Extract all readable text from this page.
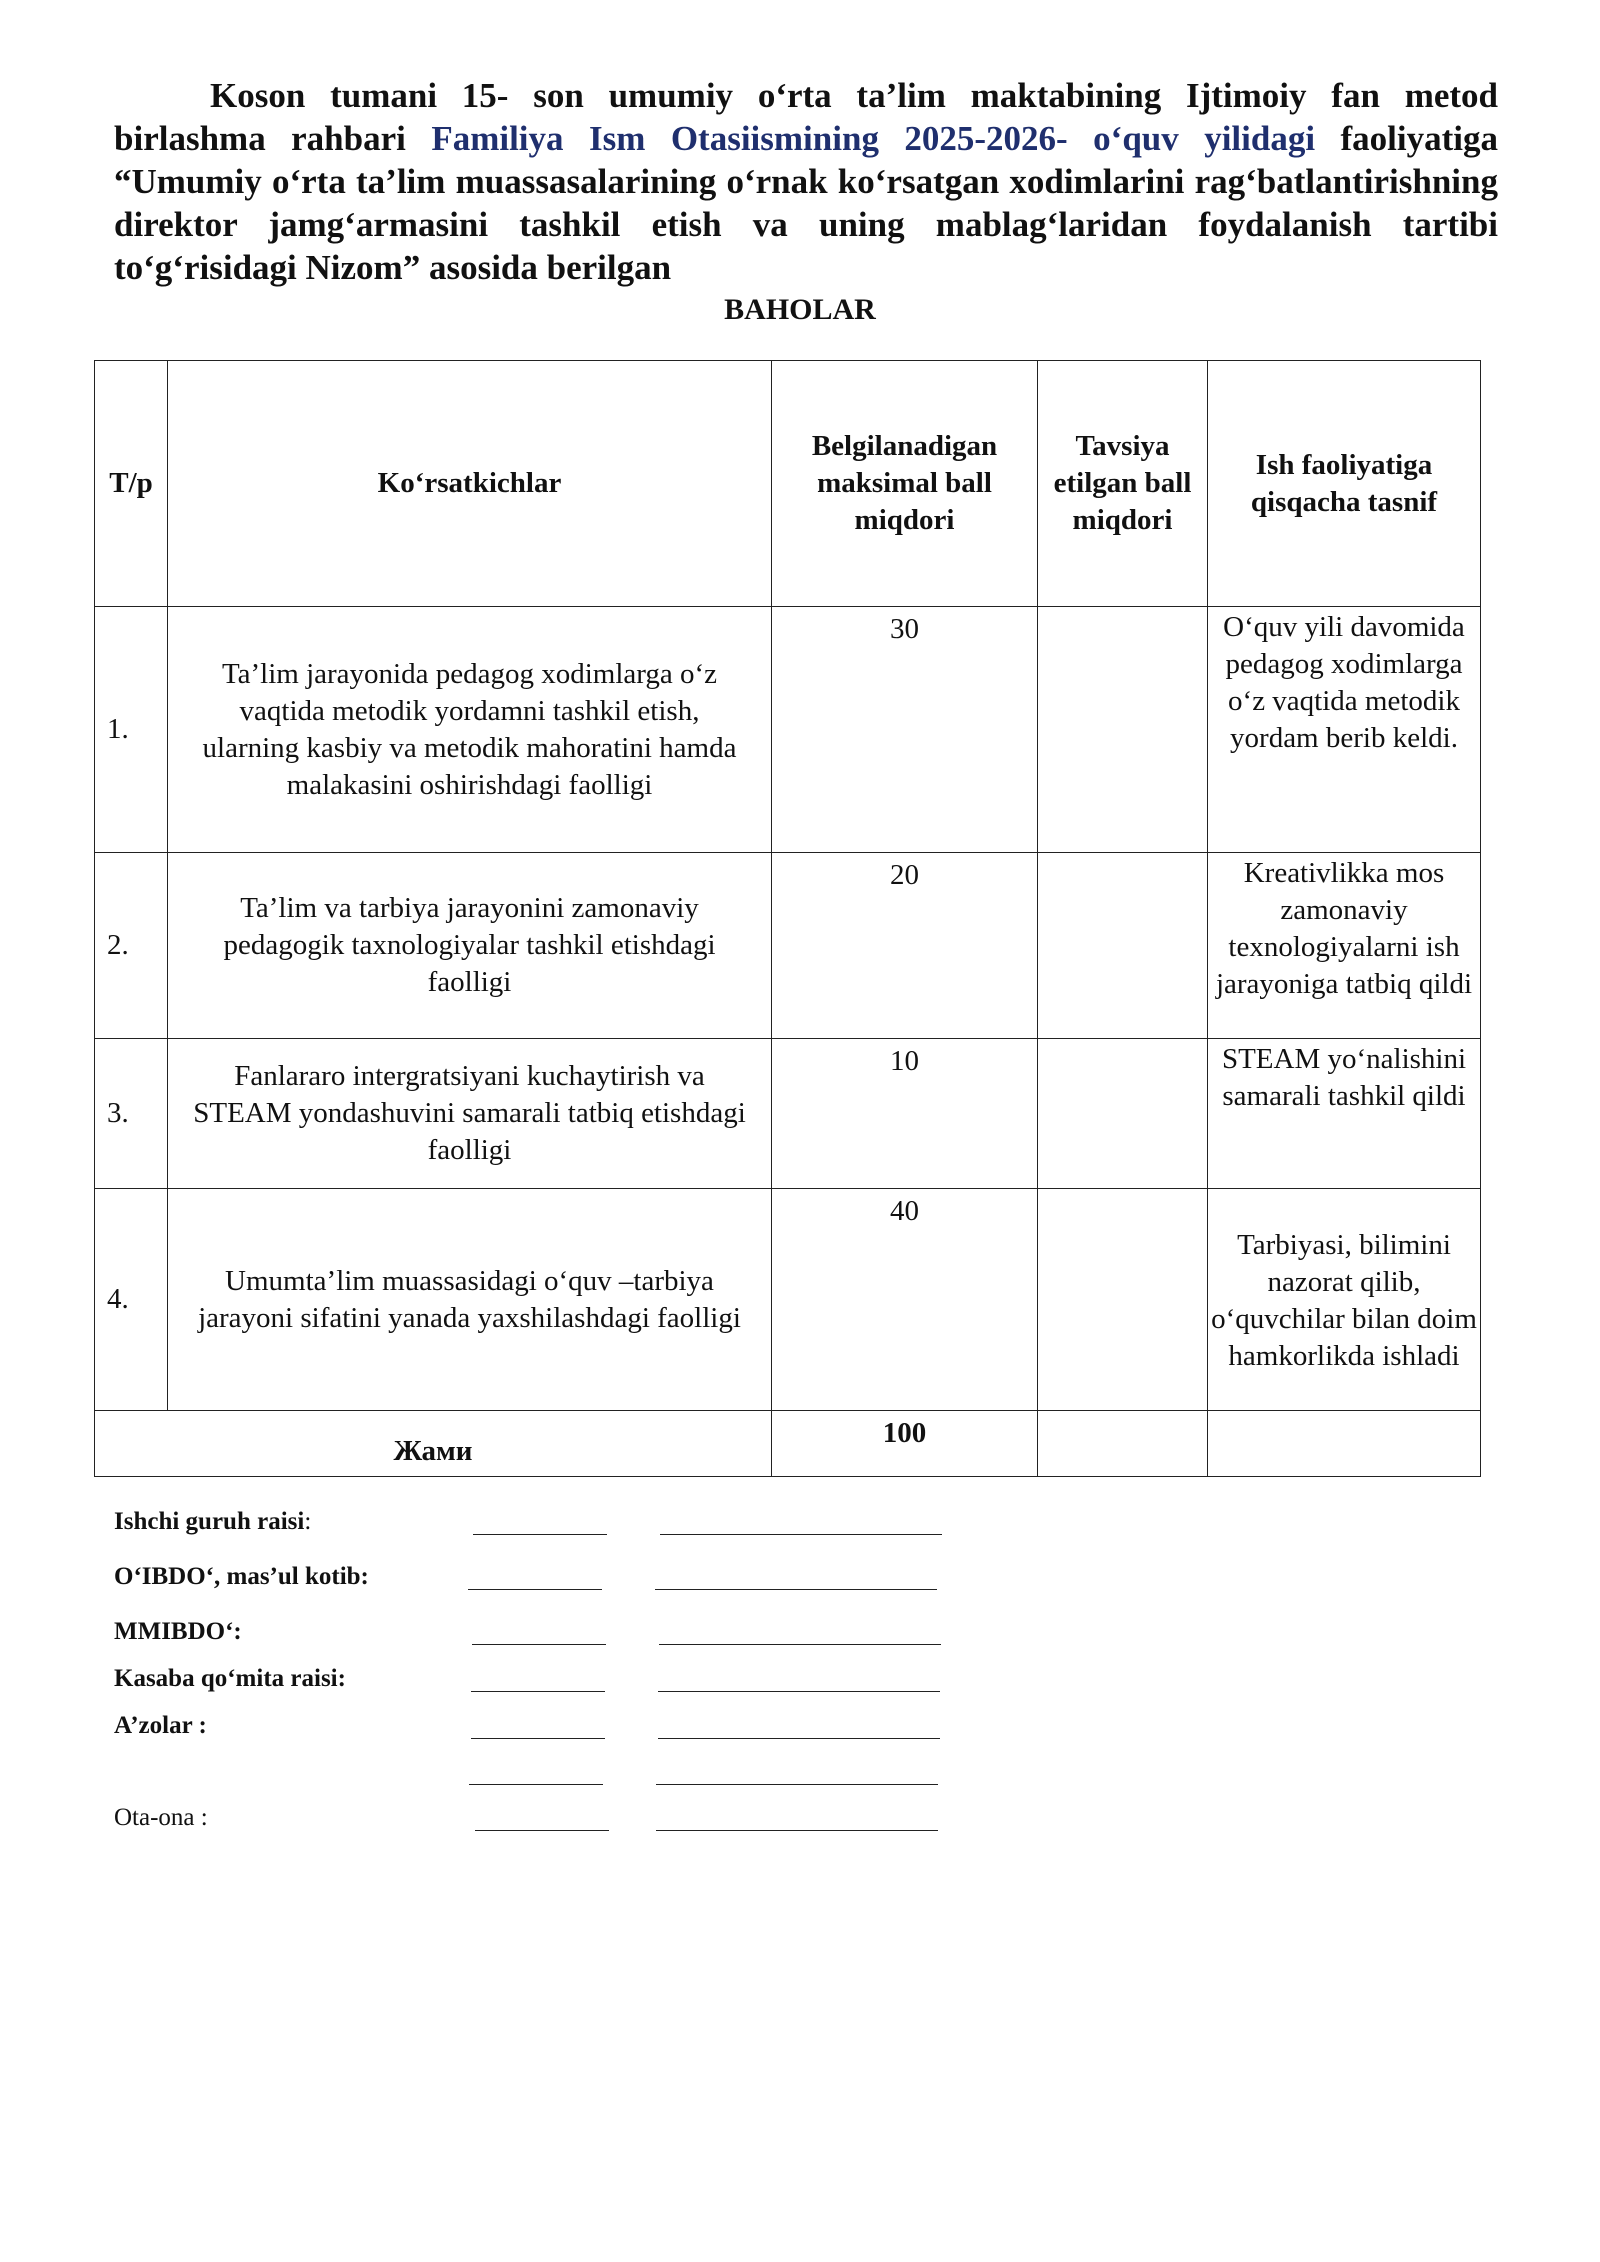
Koson tumani 15- son umumiy o‘rta ta’lim maktabining Ijtimoiy fan metod birlashma rahbari Familiya Ism Otasiismining 2025-2026- o‘quv yilidagi faoliyatiga “Umumiy o‘rta ta’lim muassasalarining o‘rnak ko‘rsatgan xodimlarini rag‘batlantirishning direktor jamg‘armasini tashkil etish va uning mablag‘laridan foydalanish tartibi to‘g‘risidagi Nizom” asosida berilgan
BAHOLAR
T/p	Ko‘rsatkichlar	Belgilanadigan maksimal ball miqdori	Tavsiya etilgan ball miqdori	Ish faoliyatiga qisqacha tasnif
1.	Ta’lim jarayonida pedagog xodimlarga o‘z vaqtida metodik yordamni tashkil etish, ularning kasbiy va metodik mahoratini hamda malakasini oshirishdagi faolligi	30		O‘quv yili davomida pedagog xodimlarga o‘z vaqtida metodik yordam berib keldi.
2.	Ta’lim va tarbiya jarayonini zamonaviy pedagogik taxnologiyalar tashkil etishdagi faolligi	20		Kreativlikka mos zamonaviy texnologiyalarni ish jarayoniga tatbiq qildi
3.	Fanlararo intergratsiyani kuchaytirish va STEAM yondashuvini samarali tatbiq etishdagi faolligi	10		STEAM yo‘nalishini samarali tashkil qildi
4.	Umumta’lim muassasidagi o‘quv –tarbiya jarayoni sifatini yanada yaxshilashdagi faolligi	40		Tarbiyasi, bilimini nazorat qilib, o‘quvchilar bilan doim hamkorlikda ishladi
Жами		100		
Ishchi guruh raisi:
O‘IBDO‘, mas’ul kotib:
MMIBDO‘:
Kasaba qo‘mita raisi:
A’zolar :
Ota-ona :
